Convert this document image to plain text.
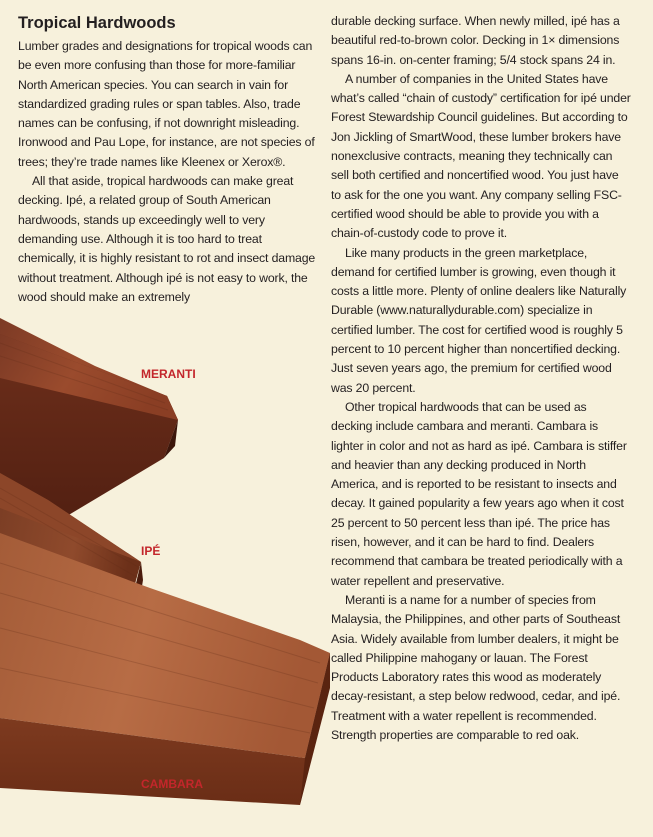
MERANTI
IPÉ
CAMBARA
Tropical Hardwoods

Lumber grades and designations for tropical woods can be even more confusing than those for more-familiar North American species. You can search in vain for standardized grading rules or span tables. Also, trade names can be confusing, if not downright misleading. Ironwood and Pau Lope, for instance, are not species of trees; they’re trade names like Kleenex or Xerox®.

All that aside, tropical hardwoods can make great decking. Ipé, a related group of South American hardwoods, stands up exceedingly well to very demanding use. Although it is too hard to treat chemically, it is highly resistant to rot and insect damage without treatment. Although ipé is not easy to work, the wood should make an extremely

durable decking surface. When newly milled, ipé has a beautiful red-to-brown color. Decking in 1× dimensions spans 16-in. on-center framing; 5/4 stock spans 24 in.

A number of companies in the United States have what’s called “chain of custody” certification for ipé under Forest Stewardship Council guidelines. But according to Jon Jickling of SmartWood, these lumber brokers have nonexclusive contracts, meaning they technically can sell both certified and noncertified wood. You just have to ask for the one you want. Any company selling FSC-certified wood should be able to provide you with a chain-of-custody code to prove it.

Like many products in the green marketplace, demand for certified lumber is growing, even though it costs a little more. Plenty of online dealers like Naturally Durable (www.naturallydurable.com) specialize in certified lumber. The cost for certified wood is roughly 5 percent to 10 percent higher than noncertified decking. Just seven years ago, the premium for certified wood was 20 percent.

Other tropical hardwoods that can be used as decking include cambara and meranti. Cambara is lighter in color and not as hard as ipé. Cambara is stiffer and heavier than any decking produced in North America, and is reported to be resistant to insects and decay. It gained popularity a few years ago when it cost 25 percent to 50 percent less than ipé. The price has risen, however, and it can be hard to find. Dealers recommend that cambara be treated periodically with a water repellent and preservative.

Meranti is a name for a number of species from Malaysia, the Philippines, and other parts of Southeast Asia. Widely available from lumber dealers, it might be called Philippine mahogany or lauan. The Forest Products Laboratory rates this wood as moderately decay-resistant, a step below redwood, cedar, and ipé. Treatment with a water repellent is recommended. Strength properties are comparable to red oak.
